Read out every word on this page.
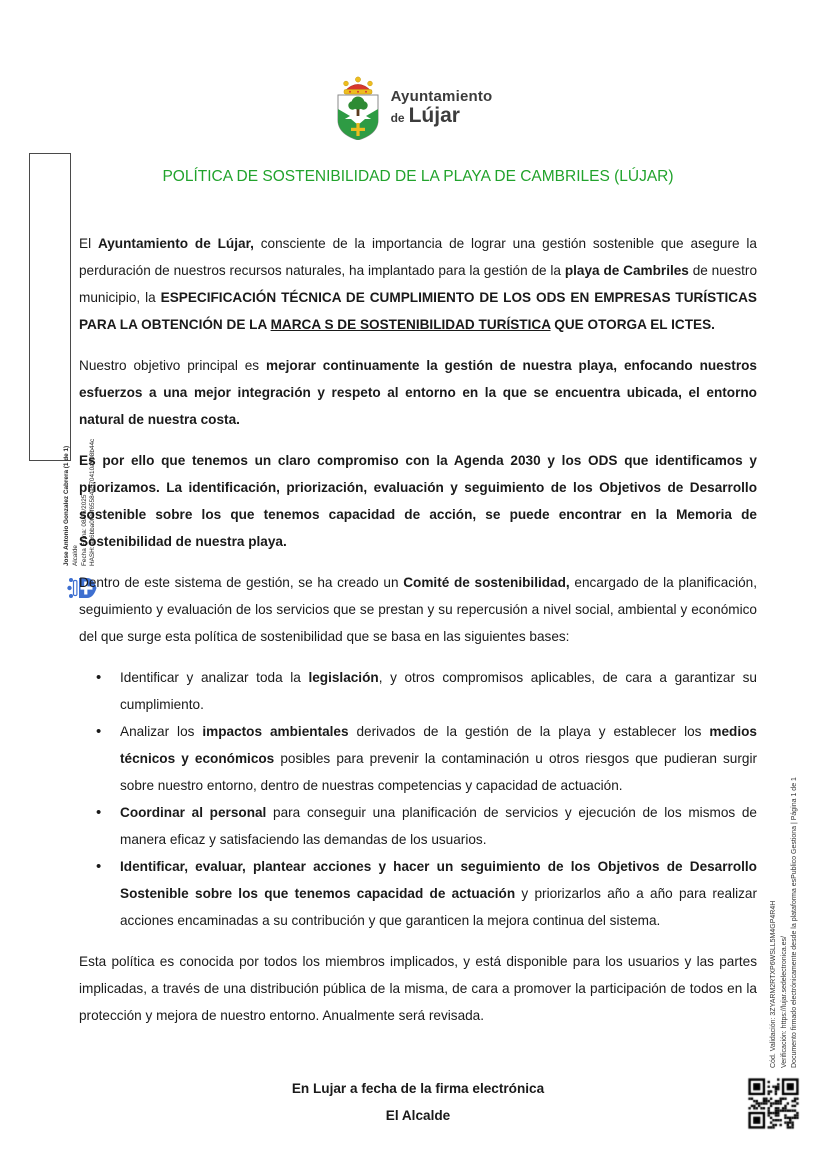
Ayuntamiento
de Lújar
Jose Antonio Gonzalez Cabrera (1 de 1) Alcalde Fecha Firma: 08/05/2025 HASH: ac6bba0f86f65584a570410a908b44c
POLÍTICA DE SOSTENIBILIDAD DE LA PLAYA DE CAMBRILES (LÚJAR)

El Ayuntamiento de Lújar, consciente de la importancia de lograr una gestión sostenible que asegure la perduración de nuestros recursos naturales, ha implantado para la gestión de la playa de Cambriles de nuestro municipio, la ESPECIFICACIÓN TÉCNICA DE CUMPLIMIENTO DE LOS ODS EN EMPRESAS TURÍSTICAS PARA LA OBTENCIÓN DE LA MARCA S DE SOSTENIBILIDAD TURÍSTICA QUE OTORGA EL ICTES.

Nuestro objetivo principal es mejorar continuamente la gestión de nuestra playa, enfocando nuestros esfuerzos a una mejor integración y respeto al entorno en la que se encuentra ubicada, el entorno natural de nuestra costa.

Es por ello que tenemos un claro compromiso con la Agenda 2030 y los ODS que identificamos y priorizamos. La identificación, priorización, evaluación y seguimiento de los Objetivos de Desarrollo sostenible sobre los que tenemos capacidad de acción, se puede encontrar en la Memoria de Sostenibilidad de nuestra playa.

Dentro de este sistema de gestión, se ha creado un Comité de sostenibilidad, encargado de la planificación, seguimiento y evaluación de los servicios que se prestan y su repercusión a nivel social, ambiental y económico del que surge esta política de sostenibilidad que se basa en las siguientes bases:

• Identificar y analizar toda la legislación, y otros compromisos aplicables, de cara a garantizar su cumplimiento.
• Analizar los impactos ambientales derivados de la gestión de la playa y establecer los medios técnicos y económicos posibles para prevenir la contaminación u otros riesgos que pudieran surgir sobre nuestro entorno, dentro de nuestras competencias y capacidad de actuación.
• Coordinar al personal para conseguir una planificación de servicios y ejecución de los mismos de manera eficaz y satisfaciendo las demandas de los usuarios.
• Identificar, evaluar, plantear acciones y hacer un seguimiento de los Objetivos de Desarrollo Sostenible sobre los que tenemos capacidad de actuación y priorizarlos año a año para realizar acciones encaminadas a su contribución y que garanticen la mejora continua del sistema.

Esta política es conocida por todos los miembros implicados, y está disponible para los usuarios y las partes implicadas, a través de una distribución pública de la misma, de cara a promover la participación de todos en la protección y mejora de nuestro entorno. Anualmente será revisada.

En Lujar a fecha de la firma electrónica
El Alcalde
Cód. Validación: 3ZYARM2RTXP6WSLL5M4GP4R4H Verificación: https://lujar.sedelectronica.es/ Documento firmado electrónicamente desde la plataforma esPublico Gestiona | Página 1 de 1
